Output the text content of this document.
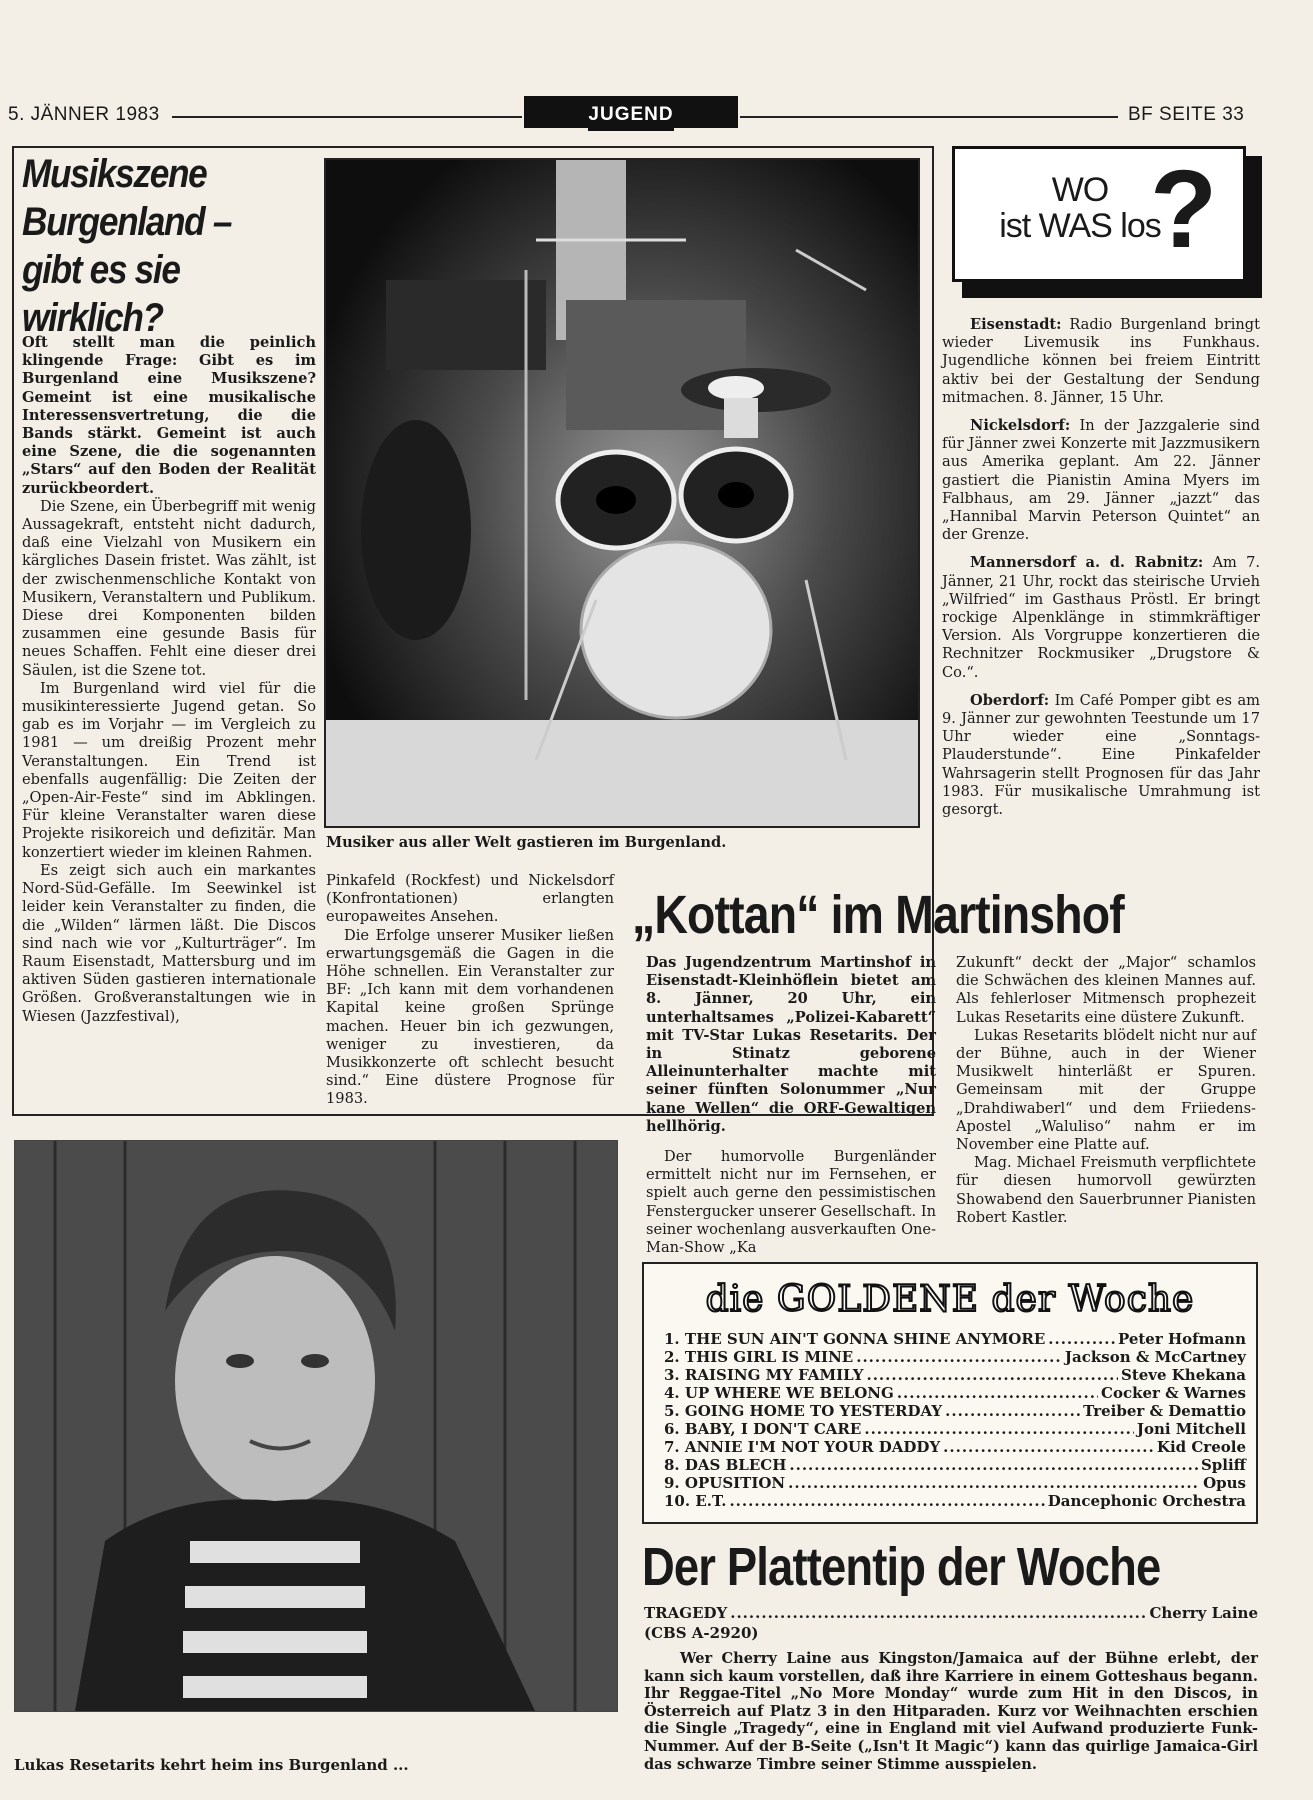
5. JÄNNER 1983	JUGEND	BF SEITE 33
Musikszene
Burgenland –
gibt es sie
wirklich?

Oft stellt man die peinlich klingende Frage: Gibt es im Burgenland eine Musikszene? Gemeint ist eine musikalische Interessensvertretung, die die Bands stärkt. Gemeint ist auch eine Szene, die die sogenannten „Stars“ auf den Boden der Realität zurückbeordert.

Die Szene, ein Überbegriff mit wenig Aussagekraft, entsteht nicht dadurch, daß eine Vielzahl von Musikern ein kärgliches Dasein fristet. Was zählt, ist der zwischenmenschliche Kontakt von Musikern, Veranstaltern und Publikum. Diese drei Komponenten bilden zusammen eine gesunde Basis für neues Schaffen. Fehlt eine dieser drei Säulen, ist die Szene tot.

Im Burgenland wird viel für die musikinteressierte Jugend getan. So gab es im Vorjahr — im Vergleich zu 1981 — um dreißig Prozent mehr Veranstaltungen. Ein Trend ist ebenfalls augenfällig: Die Zeiten der „Open-Air-Feste“ sind im Abklingen. Für kleine Veranstalter waren diese Projekte risikoreich und defizitär. Man konzertiert wieder im kleinen Rahmen.

Es zeigt sich auch ein markantes Nord-Süd-Gefälle. Im Seewinkel ist leider kein Veranstalter zu finden, die die „Wilden“ lärmen läßt. Die Discos sind nach wie vor „Kulturträger“. Im Raum Eisenstadt, Mattersburg und im aktiven Süden gastieren internationale Größen. Großveranstaltungen wie in Wiesen (Jazzfestival),

Pinkafeld (Rockfest) und Nickelsdorf (Konfrontationen) erlangten europaweites Ansehen.

Die Erfolge unserer Musiker ließen erwartungsgemäß die Gagen in die Höhe schnellen. Ein Veranstalter zur BF: „Ich kann mit dem vorhandenen Kapital keine großen Sprünge machen. Heuer bin ich gezwungen, weniger zu investieren, da Musikkonzerte oft schlecht besucht sind.“ Eine düstere Prognose für 1983.

Musiker aus aller Welt gastieren im Burgenland.
WO
ist WAS los
?

Eisenstadt: Radio Burgenland bringt wieder Livemusik ins Funkhaus. Jugendliche können bei freiem Eintritt aktiv bei der Gestaltung der Sendung mitmachen. 8. Jänner, 15 Uhr.

Nickelsdorf: In der Jazzgalerie sind für Jänner zwei Konzerte mit Jazzmusikern aus Amerika geplant. Am 22. Jänner gastiert die Pianistin Amina Myers im Falbhaus, am 29. Jänner „jazzt“ das „Hannibal Marvin Peterson Quintet“ an der Grenze.

Mannersdorf a. d. Rabnitz: Am 7. Jänner, 21 Uhr, rockt das steirische Urvieh „Wilfried“ im Gasthaus Pröstl. Er bringt rockige Alpenklänge in stimmkräftiger Version. Als Vorgruppe konzertieren die Rechnitzer Rockmusiker „Drugstore & Co.“.

Oberdorf: Im Café Pomper gibt es am 9. Jänner zur gewohnten Teestunde um 17 Uhr wieder eine „Sonntags-Plauderstunde“. Eine Pinkafelder Wahrsagerin stellt Prognosen für das Jahr 1983. Für musikalische Umrahmung ist gesorgt.

„Kottan“ im Martinshof

Das Jugendzentrum Martinshof in Eisenstadt-Kleinhöflein bietet am 8. Jänner, 20 Uhr, ein unterhaltsames „Polizei-Kabarett“ mit TV-Star Lukas Resetarits. Der in Stinatz geborene Alleinunterhalter machte mit seiner fünften Solonummer „Nur kane Wellen“ die ORF-Gewaltigen hellhörig.

Der humorvolle Burgenländer ermittelt nicht nur im Fernsehen, er spielt auch gerne den pessimistischen Fenstergucker unserer Gesellschaft. In seiner wochenlang ausverkauften One-Man-Show „Ka

Zukunft“ deckt der „Major“ schamlos die Schwächen des kleinen Mannes auf. Als fehlerloser Mitmensch prophezeit Lukas Resetarits eine düstere Zukunft.

Lukas Resetarits blödelt nicht nur auf der Bühne, auch in der Wiener Musikwelt hinterläßt er Spuren. Gemeinsam mit der Gruppe „Drahdiwaberl“ und dem Friiedens-Apostel „Waluliso“ nahm er im November eine Platte auf.

Mag. Michael Freismuth verpflichtete für diesen humorvoll gewürzten Showabend den Sauerbrunner Pianisten Robert Kastler.

Lukas Resetarits kehrt heim ins Burgenland ...
die GOLDENE der Woche
1.
THE SUN AIN'T GONNA SHINE ANYMORE .....	Peter Hofmann
2.
THIS GIRL IS MINE .....	Jackson & McCartney
3.
RAISING MY FAMILY .....	Steve Khekana
4.
UP WHERE WE BELONG .....	Cocker & Warnes
5.
GOING HOME TO YESTERDAY .....	Treiber & Demattio
6.
BABY, I DON'T CARE .....	Joni Mitchell
7.
ANNIE I'M NOT YOUR DADDY .....	Kid Creole
8.
DAS BLECH .....	Spliff
9.
OPUSITION .....	Opus
10.
E.T. .....	Dancephonic Orchestra
Der Plattentip der Woche
TRAGEDY .....	Cherry Laine
(CBS A-2920)

Wer Cherry Laine aus Kingston/Jamaica auf der Bühne erlebt, der kann sich kaum vorstellen, daß ihre Karriere in einem Gotteshaus begann. Ihr Reggae-Titel „No More Monday“ wurde zum Hit in den Discos, in Österreich auf Platz 3 in den Hitparaden. Kurz vor Weihnachten erschien die Single „Tragedy“, eine in England mit viel Aufwand produzierte Funk-Nummer. Auf der B-Seite („Isn't It Magic“) kann das quirlige Jamaica-Girl das schwarze Timbre seiner Stimme ausspielen.
